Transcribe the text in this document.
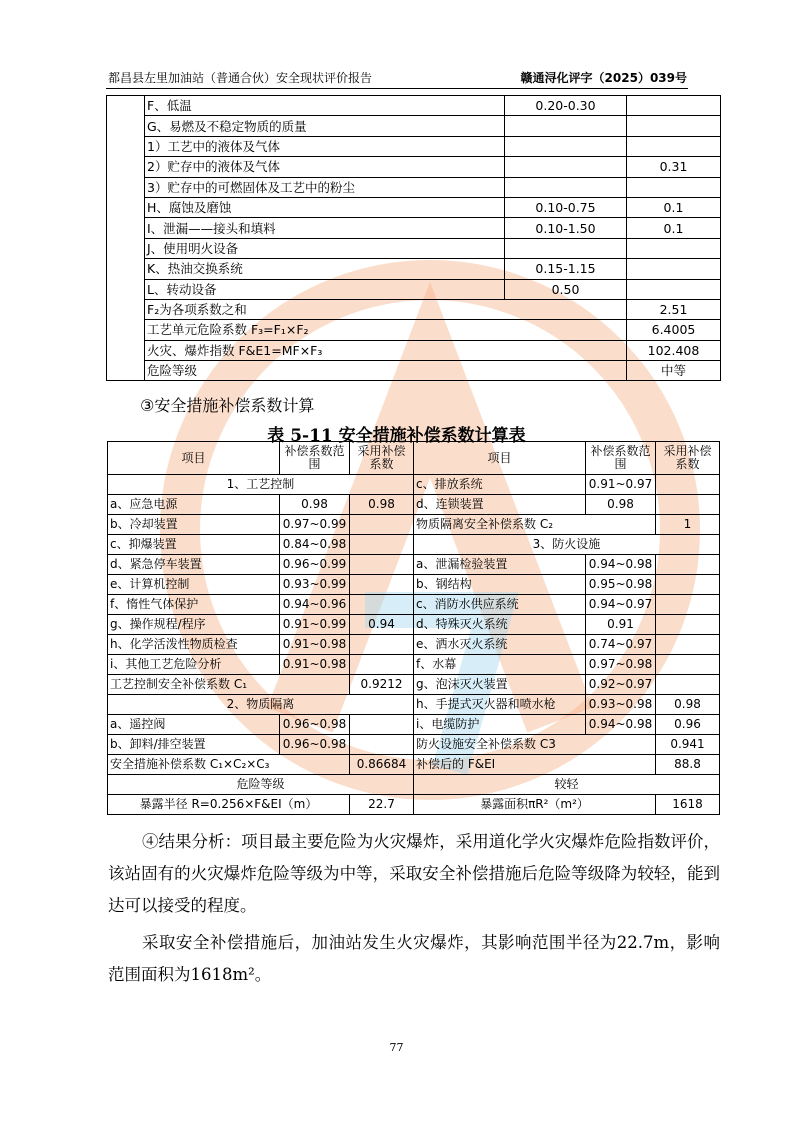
都昌县左里加油站（普通合伙）安全现状评价报告	赣通浔化评字（2025）039号
	F、低温	0.20-0.30	
	G、易燃及不稳定物质的质量		
	1）工艺中的液体及气体		
	2）贮存中的液体及气体		0.31
	3）贮存中的可燃固体及工艺中的粉尘		
	H、腐蚀及磨蚀	0.10-0.75	0.1
	I、泄漏——接头和填料	0.10-1.50	0.1
	J、使用明火设备		
	K、热油交换系统	0.15-1.15	
	L、转动设备	0.50	
	F₂为各项系数之和		2.51
	工艺单元危险系数 F₃=F₁×F₂		6.4005
	火灾、爆炸指数 F&E1=MF×F₃		102.408
	危险等级		中等
③安全措施补偿系数计算
表 5-11 安全措施补偿系数计算表
项目	补偿系数范围	采用补偿系数	项目	补偿系数范围	采用补偿系数
1、工艺控制			c、排放系统	0.91~0.97	
a、应急电源	0.98	0.98	d、连锁装置	0.98	
b、冷却装置	0.97~0.99		物质隔离安全补偿系数 C₂		1
c、抑爆装置	0.84~0.98		3、防火设施		
d、紧急停车装置	0.96~0.99		a、泄漏检验装置	0.94~0.98	
e、计算机控制	0.93~0.99		b、钢结构	0.95~0.98	
f、惰性气体保护	0.94~0.96		c、消防水供应系统	0.94~0.97	
g、操作规程/程序	0.91~0.99	0.94	d、特殊灭火系统	0.91	
h、化学活泼性物质检查	0.91~0.98		e、洒水灭火系统	0.74~0.97	
i、其他工艺危险分析	0.91~0.98		f、水幕	0.97~0.98	
工艺控制安全补偿系数 C₁		0.9212	g、泡沫灭火装置	0.92~0.97	
2、物质隔离			h、手提式灭火器和喷水枪	0.93~0.98	0.98
a、遥控阀	0.96~0.98		i、电缆防护	0.94~0.98	0.96
b、卸料/排空装置	0.96~0.98		防火设施安全补偿系数 C3		0.941
安全措施补偿系数 C₁×C₂×C₃		0.86684	补偿后的 F&EI		88.8
危险等级			较轻		
暴露半径 R=0.256×F&EI（m）		22.7	暴露面积πR²（m²）		1618
④结果分析：项目最主要危险为火灾爆炸，采用道化学火灾爆炸危险指数评价，该站固有的火灾爆炸危险等级为中等，采取安全补偿措施后危险等级降为较轻，能到达可以接受的程度。
采取安全补偿措施后，加油站发生火灾爆炸，其影响范围半径为22.7m，影响范围面积为1618m²。
77
